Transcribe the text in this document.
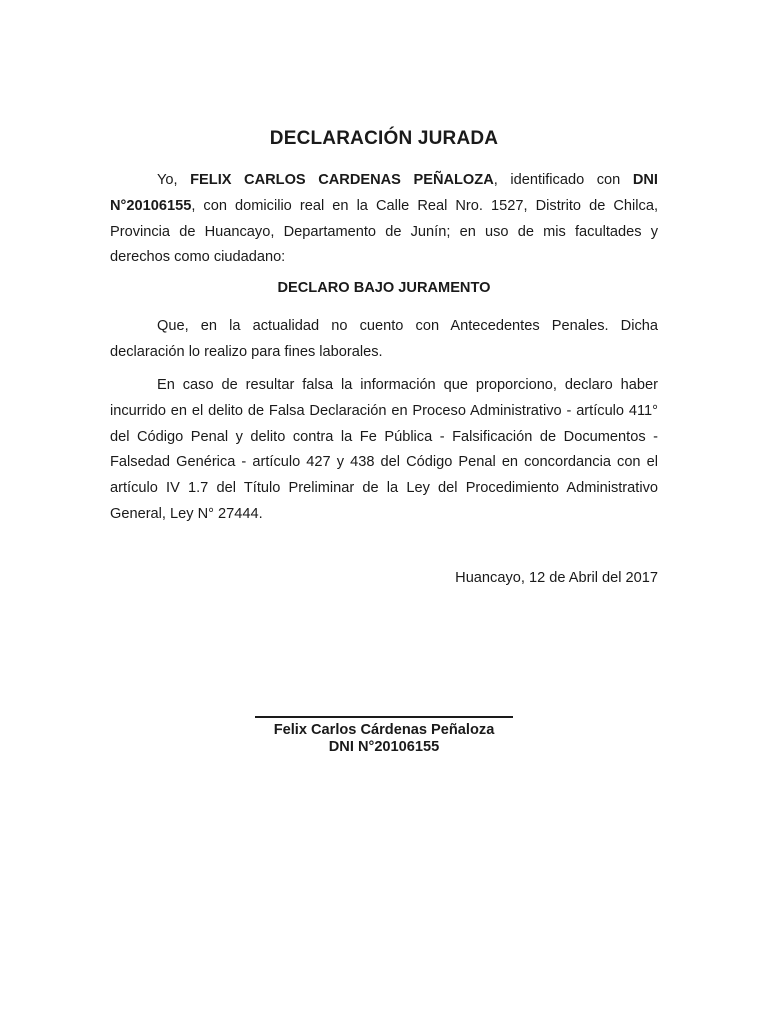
DECLARACIÓN JURADA

Yo, FELIX CARLOS CARDENAS PEÑALOZA, identificado con DNI N°20106155, con domicilio real en la Calle Real Nro. 1527, Distrito de Chilca, Provincia de Huancayo, Departamento de Junín; en uso de mis facultades y derechos como ciudadano:

DECLARO BAJO JURAMENTO

Que, en la actualidad no cuento con Antecedentes Penales. Dicha declaración lo realizo para fines laborales.

En caso de resultar falsa la información que proporciono, declaro haber incurrido en el delito de Falsa Declaración en Proceso Administrativo - artículo 411° del Código Penal y delito contra la Fe Pública - Falsificación de Documentos - Falsedad Genérica - artículo 427 y 438 del Código Penal en concordancia con el artículo IV 1.7 del Título Preliminar de la Ley del Procedimiento Administrativo General, Ley N° 27444.

Huancayo, 12 de Abril del 2017

Felix Carlos Cárdenas Peñaloza
DNI N°20106155
